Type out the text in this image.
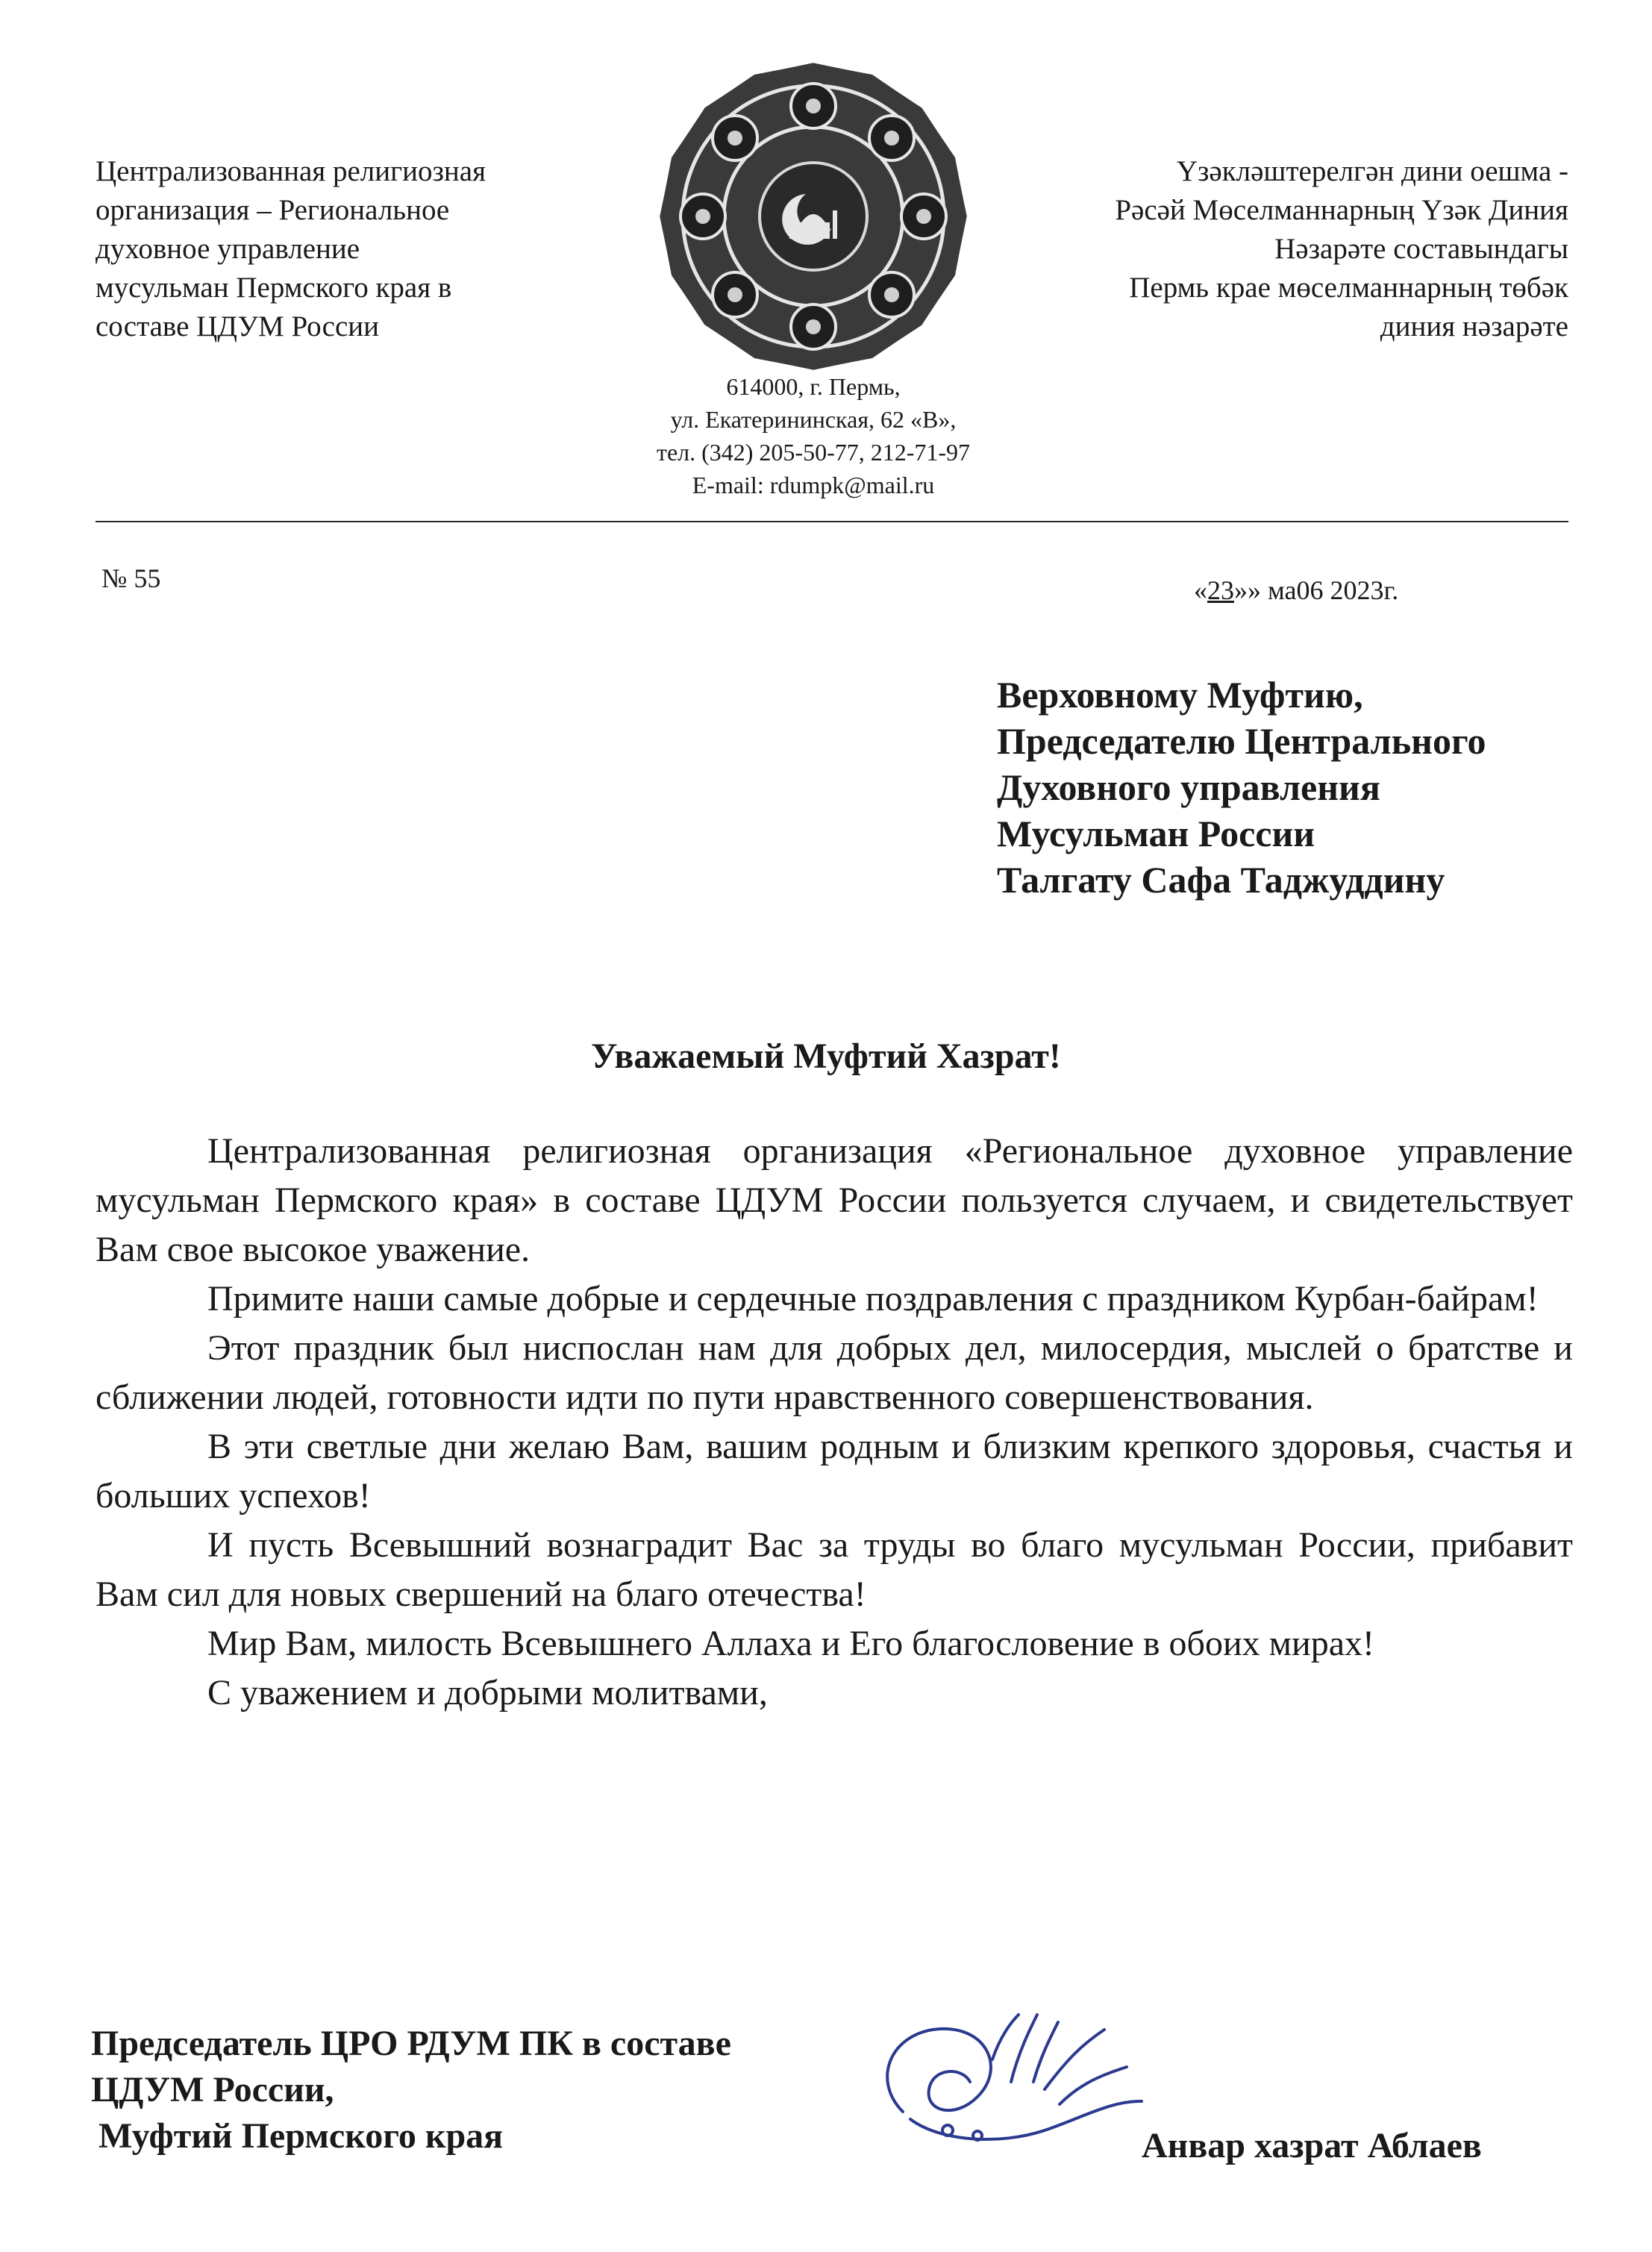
Централизованная религиозная
организация – Региональное
духовное управление
мусульман Пермского края в
составе ЦДУМ России
Үзәкләштерелгән дини оешма -
Рәсәй Мөселманнарның Үзәк Диния
Нәзарәте составындагы
Пермь крае мөселманнарның төбәк
диния нәзарәте
614000, г. Пермь,
ул. Екатерининская, 62 «В»,
тел. (342) 205-50-77, 212-71-97
E-mail: rdumpk@mail.ru
№ 55	«23»» ма06 2023г.
Верховному Муфтию,
Председателю Центрального
Духовного управления
Мусульман России
Талгату Сафа Таджуддину
Уважаемый Муфтий Хазрат!

Централизованная религиозная организация «Региональное духовное управление мусульман Пермского края» в составе ЦДУМ России пользуется случаем, и свидетельствует Вам свое высокое уважение.

Примите наши самые добрые и сердечные поздравления с праздником Курбан-байрам!

Этот праздник был ниспослан нам для добрых дел, милосердия, мыслей о братстве и сближении людей, готовности идти по пути нравственного совершенствования.

В эти светлые дни желаю Вам, вашим родным и близким крепкого здоровья, счастья и больших успехов!

И пусть Всевышний вознаградит Вас за труды во благо мусульман России, прибавит Вам сил для новых свершений на благо отечества!

Мир Вам, милость Всевышнего Аллаха и Его благословение в обоих мирах!

С уважением и добрыми молитвами,

Председатель ЦРО РДУМ ПК в составе
ЦДУМ России,
Муфтий Пермского края	Анвар хазрат Аблаев
